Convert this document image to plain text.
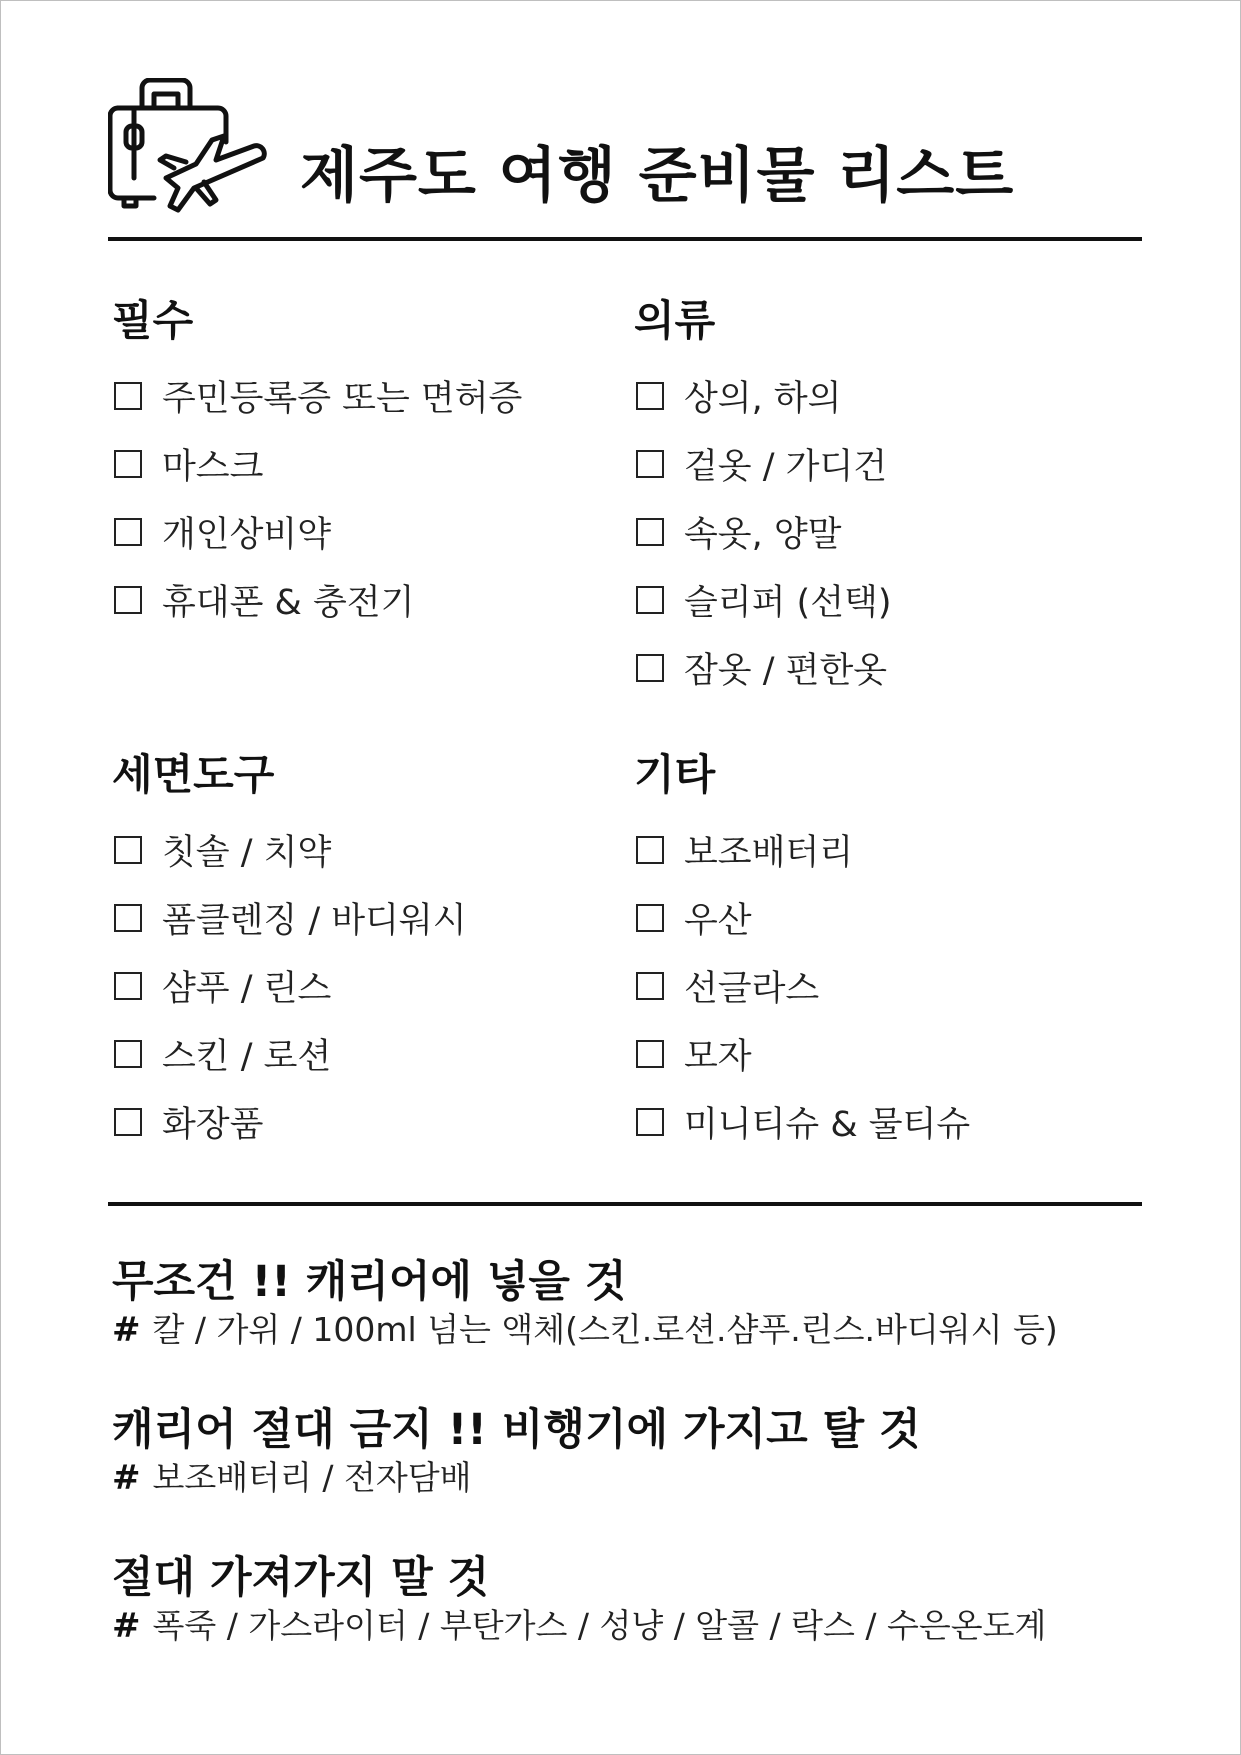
제주도 여행 준비물 리스트
필수
주민등록증 또는 면허증
마스크
개인상비약
휴대폰 & 충전기
의류
상의, 하의
겉옷 / 가디건
속옷, 양말
슬리퍼 (선택)
잠옷 / 편한옷
세면도구
칫솔 / 치약
폼클렌징 / 바디워시
샴푸 / 린스
스킨 / 로션
화장품
기타
보조배터리
우산
선글라스
모자
미니티슈 & 물티슈
무조건 !! 캐리어에 넣을 것
# 칼 / 가위 / 100ml 넘는 액체(스킨.로션.샴푸.린스.바디워시 등)
캐리어 절대 금지 !! 비행기에 가지고 탈 것
# 보조배터리 / 전자담배
절대 가져가지 말 것
# 폭죽 / 가스라이터 / 부탄가스 / 성냥 / 알콜 / 락스 / 수은온도계
